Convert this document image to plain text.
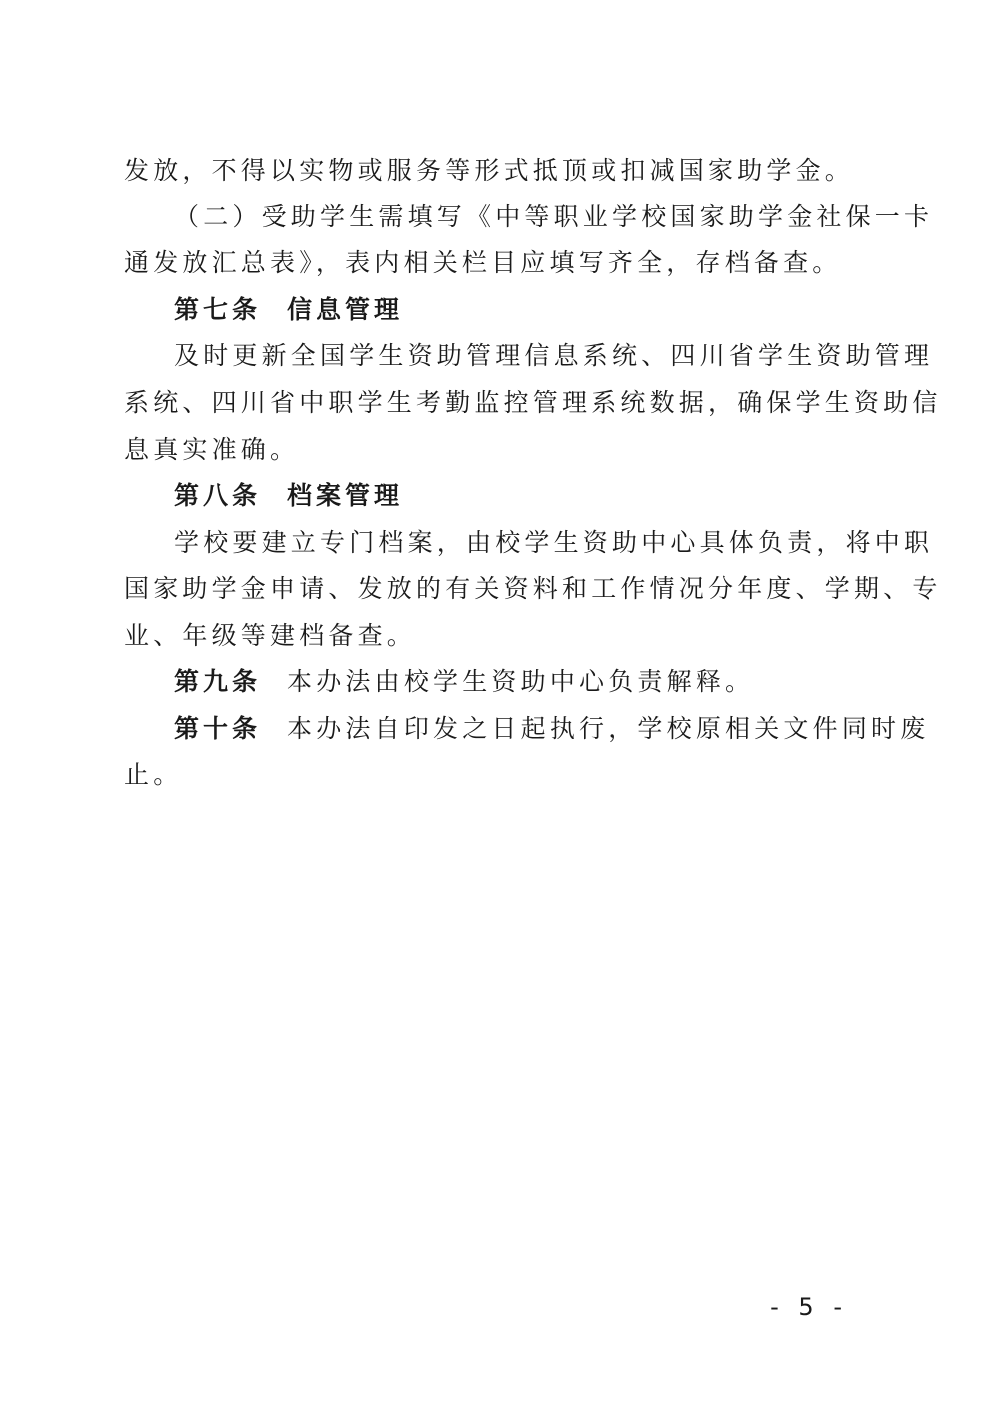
发放，不得以实物或服务等形式抵顶或扣减国家助学金。
（二）受助学生需填写《中等职业学校国家助学金社保一卡
通发放汇总表》，表内相关栏目应填写齐全，存档备查。
第七条 信息管理
及时更新全国学生资助管理信息系统、四川省学生资助管理
系统、四川省中职学生考勤监控管理系统数据，确保学生资助信
息真实准确。
第八条 档案管理
学校要建立专门档案，由校学生资助中心具体负责，将中职
国家助学金申请、发放的有关资料和工作情况分年度、学期、专
业、年级等建档备查。
第九条 本办法由校学生资助中心负责解释。
第十条 本办法自印发之日起执行，学校原相关文件同时废
止。
- 5 -
